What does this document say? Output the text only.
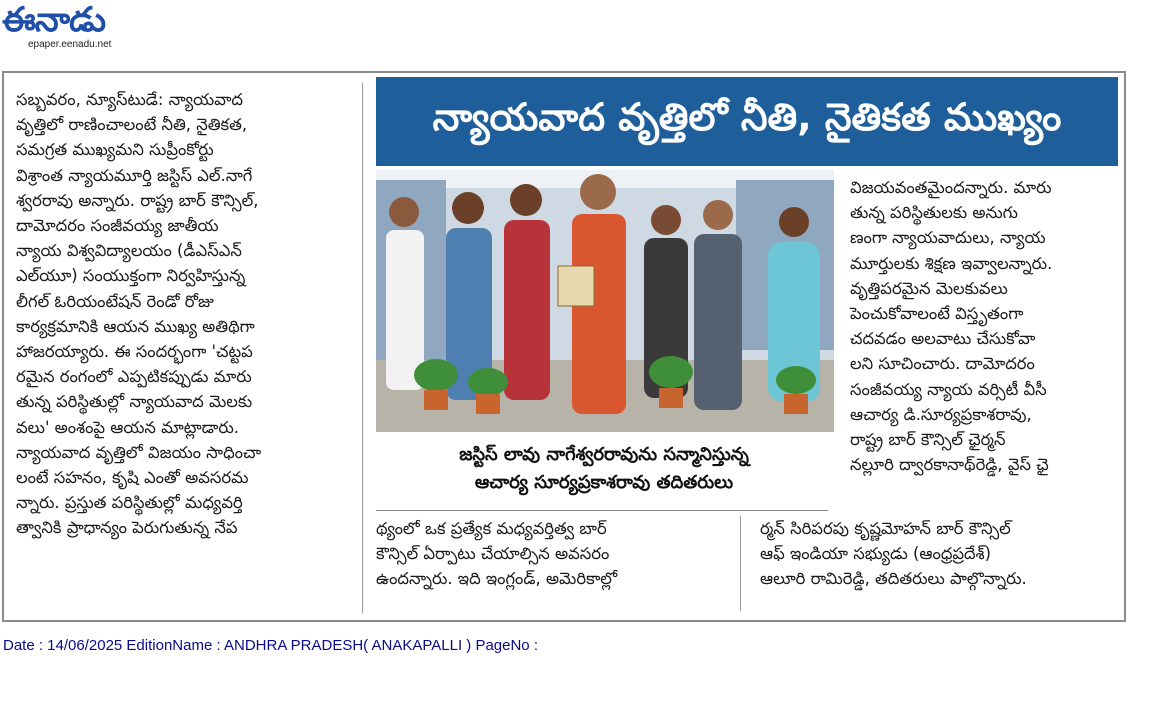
ఈనాడు
epaper.eenadu.net

సబ్బవరం, న్యూస్‌టుడే: న్యాయవాద

వృత్తిలో రాణించాలంటే నీతి, నైతికత,

సమగ్రత ముఖ్యమని సుప్రీంకోర్టు

విశ్రాంత న్యాయమూర్తి జస్టిస్ ఎల్.నాగే

శ్వరరావు అన్నారు. రాష్ట్ర బార్ కౌన్సిల్,

దామోదరం సంజీవయ్య జాతీయ

న్యాయ విశ్వవిద్యాలయం (డీఎస్ఎన్

ఎల్‌యూ) సంయుక్తంగా నిర్వహిస్తున్న

లీగల్ ఓరియంటేషన్ రెండో రోజు

కార్యక్రమానికి ఆయన ముఖ్య అతిథిగా

హాజరయ్యారు. ఈ సందర్భంగా 'చట్టప

రమైన రంగంలో ఎప్పటికప్పుడు మారు

తున్న పరిస్థితుల్లో న్యాయవాద మెలకు

వలు' అంశంపై ఆయన మాట్లాడారు.

న్యాయవాద వృత్తిలో విజయం సాధించా

లంటే సహనం, కృషి ఎంతో అవసరమ

న్నారు. ప్రస్తుత పరిస్థితుల్లో మధ్యవర్తి

త్వానికి ప్రాధాన్యం పెరుగుతున్న నేప

న్యాయవాద వృత్తిలో నీతి, నైతికత ముఖ్యం
జస్టిస్ లావు నాగేశ్వరరావును సన్మానిస్తున్న
ఆచార్య సూర్యప్రకాశరావు తదితరులు

థ్యంలో ఒక ప్రత్యేక మధ్యవర్తిత్వ బార్

కౌన్సిల్ ఏర్పాటు చేయాల్సిన అవసరం

ఉందన్నారు. ఇది ఇంగ్లండ్, అమెరికాల్లో

విజయవంతమైందన్నారు. మారు

తున్న పరిస్థితులకు అనుగు

ణంగా న్యాయవాదులు, న్యాయ

మూర్తులకు శిక్షణ ఇవ్వాలన్నారు.

వృత్తిపరమైన మెలకువలు

పెంచుకోవాలంటే విస్తృతంగా

చదవడం అలవాటు చేసుకోవా

లని సూచించారు. దామోదరం

సంజీవయ్య న్యాయ వర్సిటీ వీసీ

ఆచార్య డి.సూర్యప్రకాశరావు,

రాష్ట్ర బార్ కౌన్సిల్ ఛైర్మన్

నల్లూరి ద్వారకానాథ్‌రెడ్డి, వైస్ ఛై

ర్మన్ సిరిపరపు కృష్ణమోహన్ బార్ కౌన్సిల్

ఆఫ్ ఇండియా సభ్యుడు (ఆంధ్రప్రదేశ్)

ఆలూరి రామిరెడ్డి, తదితరులు పాల్గొన్నారు.

Date : 14/06/2025 EditionName : ANDHRA PRADESH( ANAKAPALLI ) PageNo :
